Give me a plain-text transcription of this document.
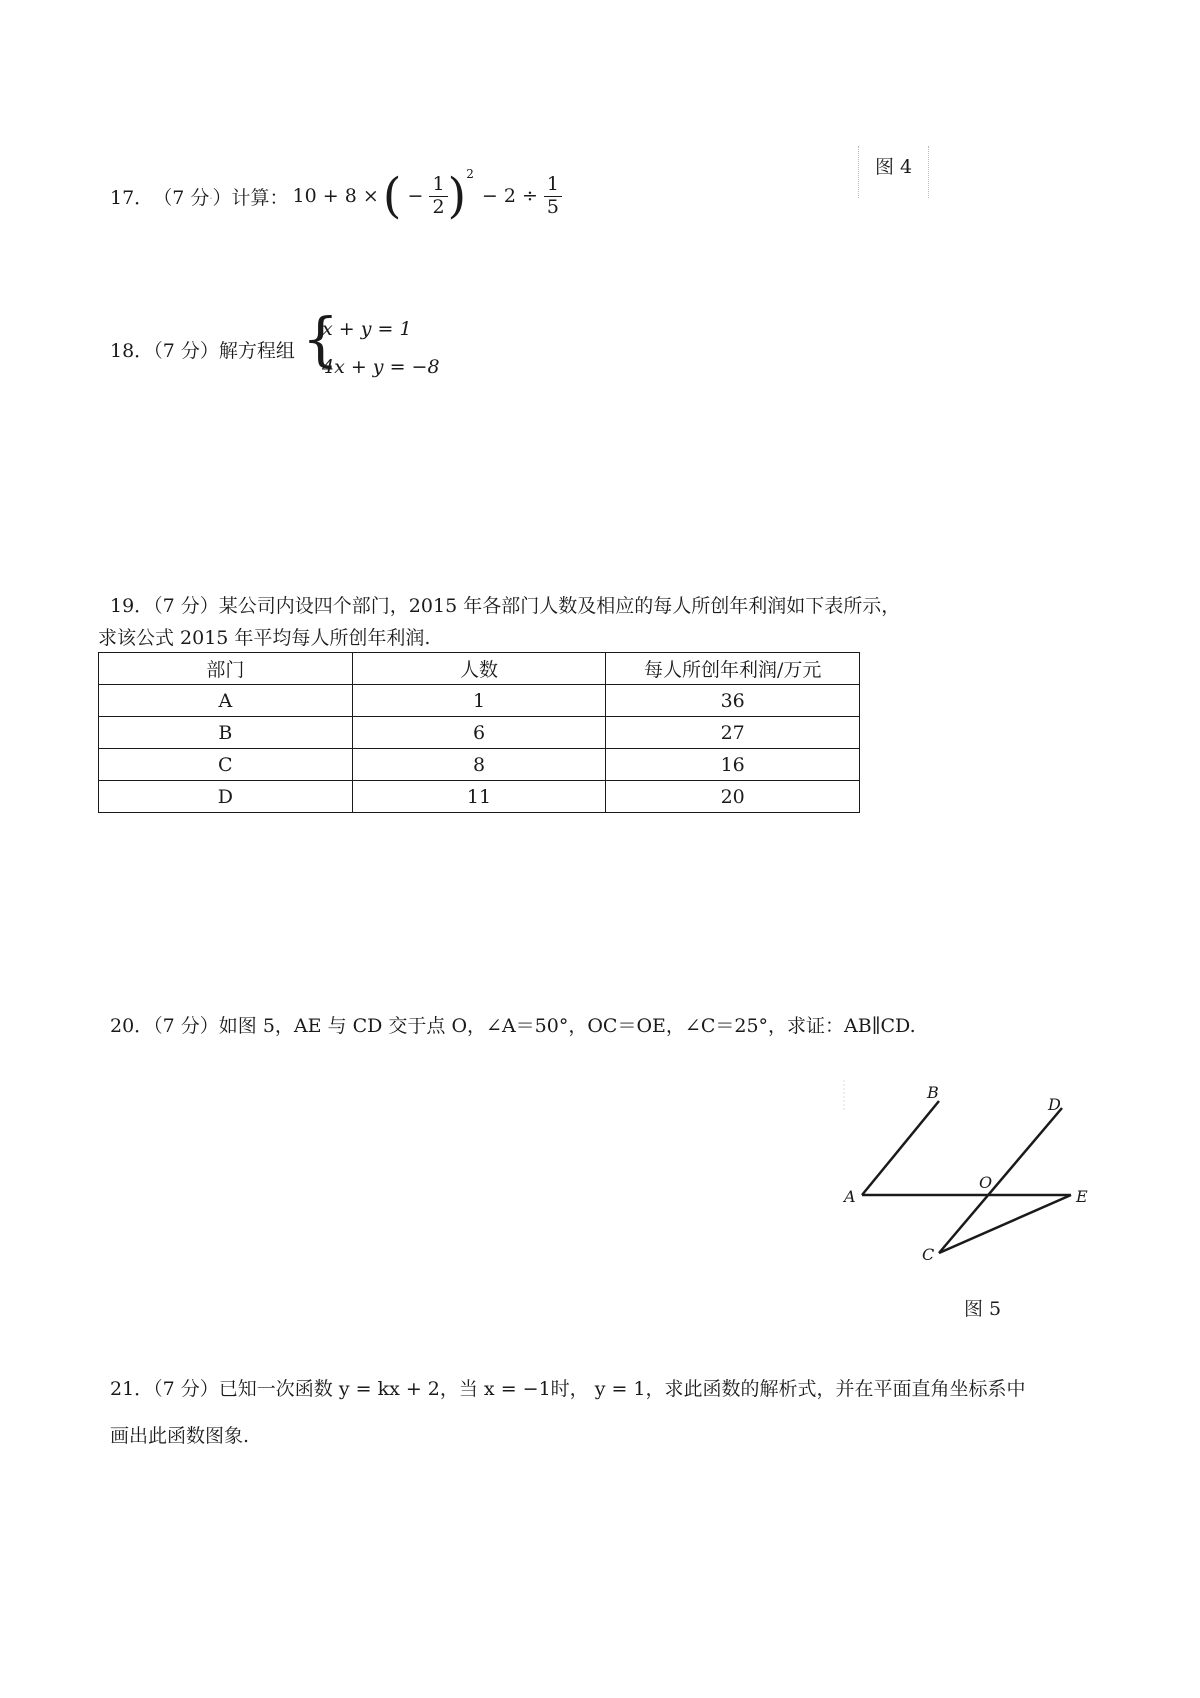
图 4
17． （7 分 . ） 计算： 10 + 8 × ( − $\frac{1}{2}$ ) 2
− $2 \div \frac{1}{5}$
18．（7 分）解方程组 {
x + y = 1
4x + y = −8
19．（7 分）某公司内设四个部门，2015 年各部门人数及相应的每人所创年利润如下表所示，
求该公式 2015 年平均每人所创年利润.
部门	人数	每人所创年利润/万元
A	1	36
B	6	27
C	8	16
D	11	20
20．（7 分）如图 5，AE 与 CD 交于点 O，∠A＝50°，OC＝OE，∠C＝25°，求证：AB∥CD.
B
D
O
A	E
C
图 5
21．（7 分）已知一次函数 y = kx + 2，当 x = −1时， y = 1，求此函数的解析式，并在平面直角坐标系中
画出此函数图象.
